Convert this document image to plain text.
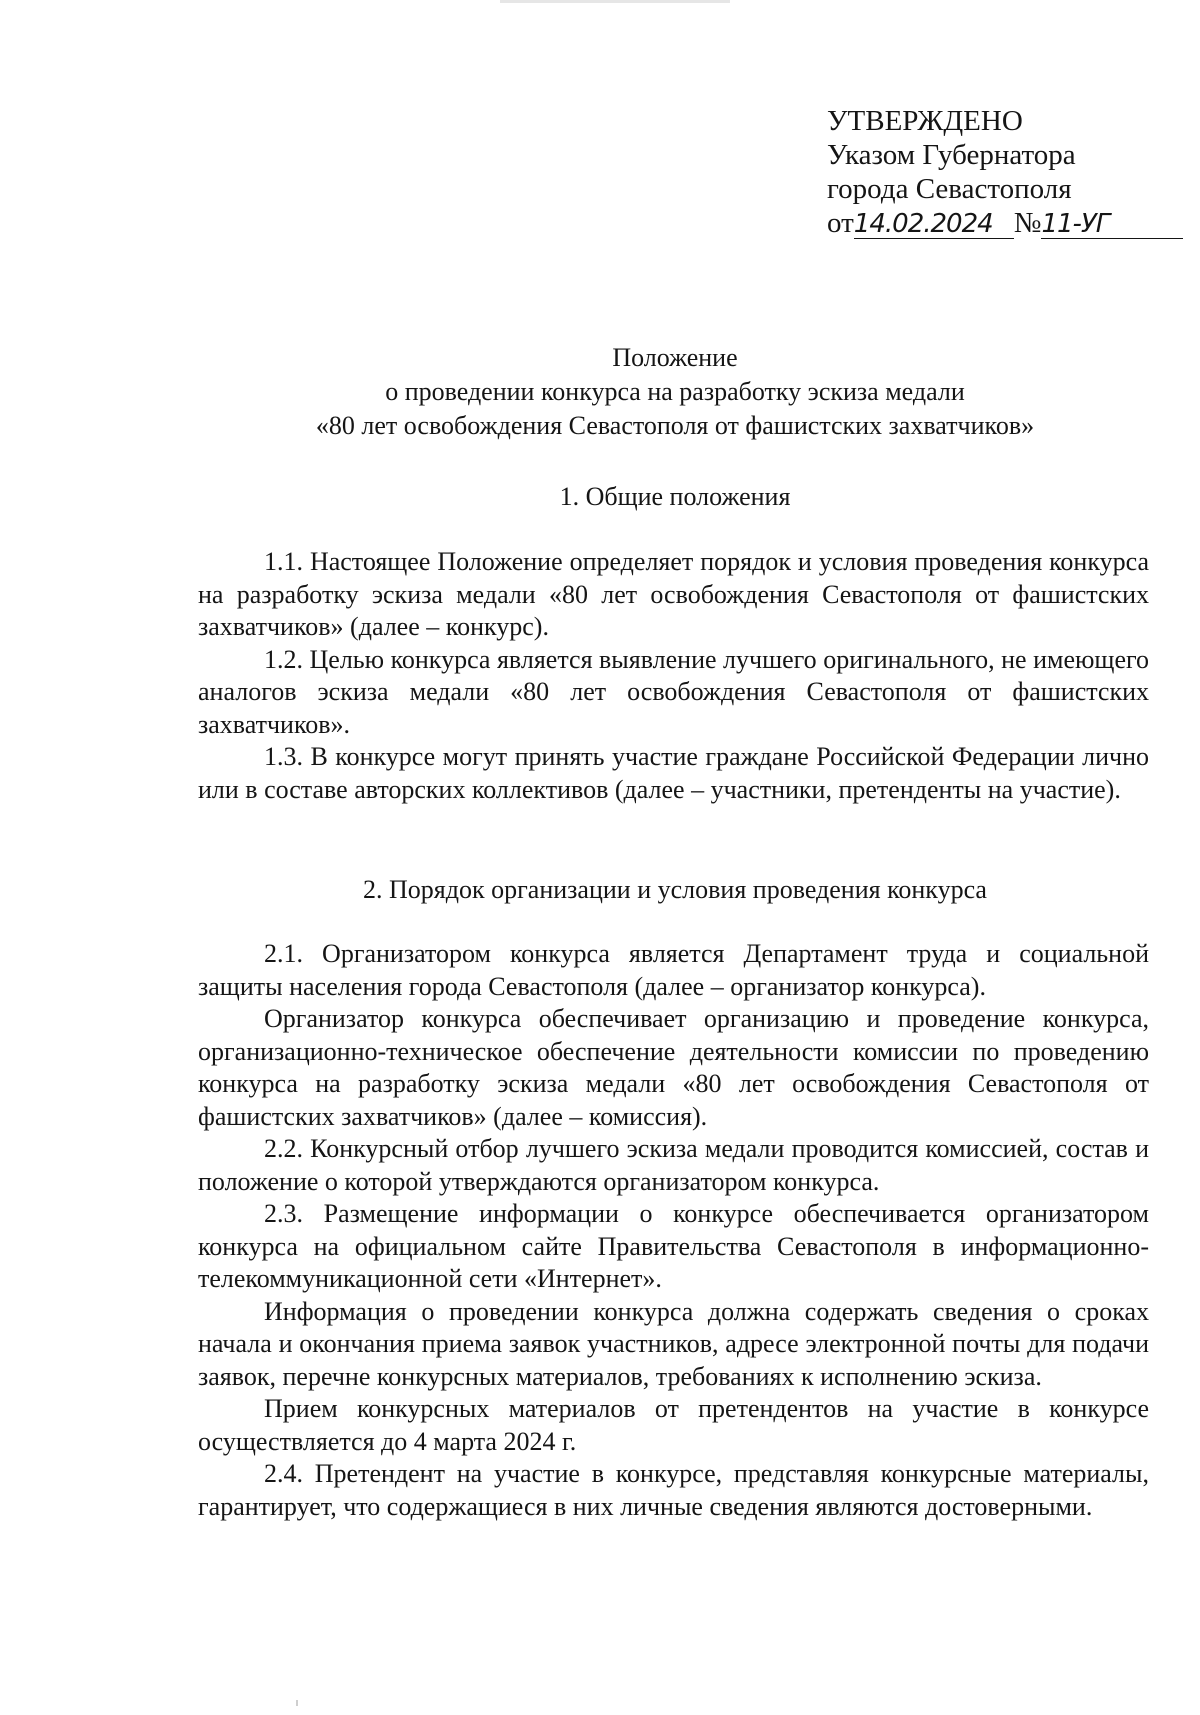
УТВЕРЖДЕНО
Указом Губернатора
города Севастополя
от14.02.2024 №11-УГ
Положение
о проведении конкурса на разработку эскиза медали
«80 лет освобождения Севастополя от фашистских захватчиков»
1. Общие положения

1.1. Настоящее Положение определяет порядок и условия проведения конкурса на разработку эскиза медали «80 лет освобождения Севастополя от фашистских захватчиков» (далее – конкурс).

1.2. Целью конкурса является выявление лучшего оригинального, не имеющего аналогов эскиза медали «80 лет освобождения Севастополя от фашистских захватчиков».

1.3. В конкурсе могут принять участие граждане Российской Федерации лично или в составе авторских коллективов (далее – участники, претенденты на участие).

2. Порядок организации и условия проведения конкурса

2.1. Организатором конкурса является Департамент труда и социальной защиты населения города Севастополя (далее – организатор конкурса).

Организатор конкурса обеспечивает организацию и проведение конкурса, организационно-техническое обеспечение деятельности комиссии по проведению конкурса на разработку эскиза медали «80 лет освобождения Севастополя от фашистских захватчиков» (далее – комиссия).

2.2. Конкурсный отбор лучшего эскиза медали проводится комиссией, состав и положение о которой утверждаются организатором конкурса.

2.3. Размещение информации о конкурсе обеспечивается организатором конкурса на официальном сайте Правительства Севастополя в информационно-телекоммуникационной сети «Интернет».

Информация о проведении конкурса должна содержать сведения о сроках начала и окончания приема заявок участников, адресе электронной почты для подачи заявок, перечне конкурсных материалов, требованиях к исполнению эскиза.

Прием конкурсных материалов от претендентов на участие в конкурсе осуществляется до 4 марта 2024 г.

2.4. Претендент на участие в конкурсе, представляя конкурсные материалы, гарантирует, что содержащиеся в них личные сведения являются достоверными.
